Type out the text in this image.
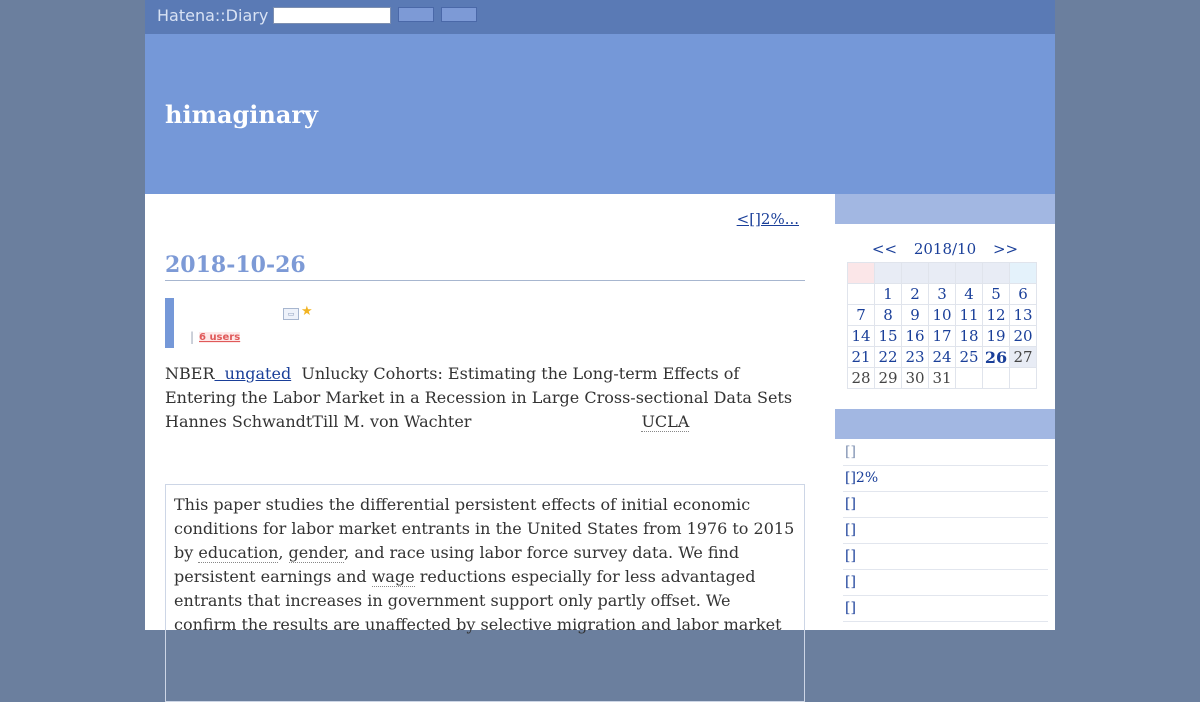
Hatena::Diary
himaginary
<[]2%...
2018-10-26
▭ ★
| 6 users
NBER  ungated  Unlucky Cohorts: Estimating the Long-term Effects of Entering the Labor Market in a Recession in Large Cross-sectional Data Sets
Hannes SchwandtTill M. von Wachter	UCLA
This paper studies the differential persistent effects of initial economic conditions for labor market entrants in the United States from 1976 to 2015 by education, gender, and race using labor force survey data. We find persistent earnings and wage reductions especially for less advantaged entrants that increases in government support only partly offset. We confirm the results are unaffected by selective migration and labor market
<< 2018/10 >>

	1	2	3	4	5	6
7	8	9	10	11	12	13
14	15	16	17	18	19	20
21	22	23	24	25	26	27
28	29	30	31			
[]
[]2%
[]
[]
[]
[]
[]
